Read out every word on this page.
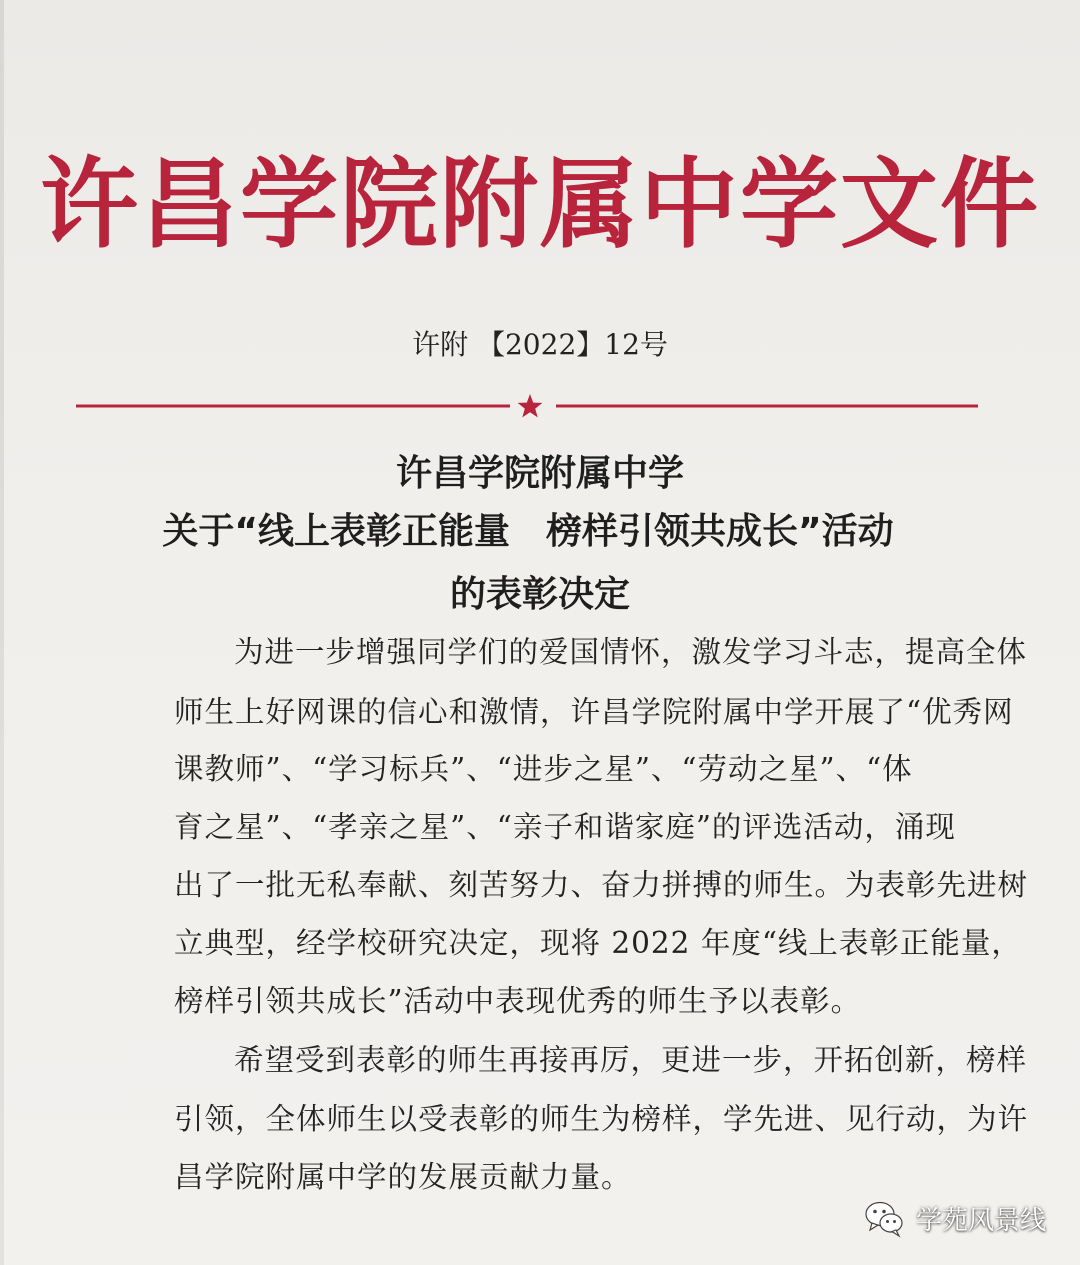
许昌学院附属中学文件
许附 【2022】12号
许昌学院附属中学
关于“线上表彰正能量　榜样引领共成长”活动
的表彰决定
为进一步增强同学们的爱国情怀，激发学习斗志，提高全体
师生上好网课的信心和激情，许昌学院附属中学开展了“优秀网
课教师”、“学习标兵”、“进步之星”、“劳动之星”、“体
育之星”、“孝亲之星”、“亲子和谐家庭”的评选活动，涌现
出了一批无私奉献、刻苦努力、奋力拼搏的师生。为表彰先进树
立典型，经学校研究决定，现将 2022 年度“线上表彰正能量，
榜样引领共成长”活动中表现优秀的师生予以表彰。
希望受到表彰的师生再接再厉，更进一步，开拓创新，榜样
引领，全体师生以受表彰的师生为榜样，学先进、见行动，为许
昌学院附属中学的发展贡献力量。
学苑风景线
